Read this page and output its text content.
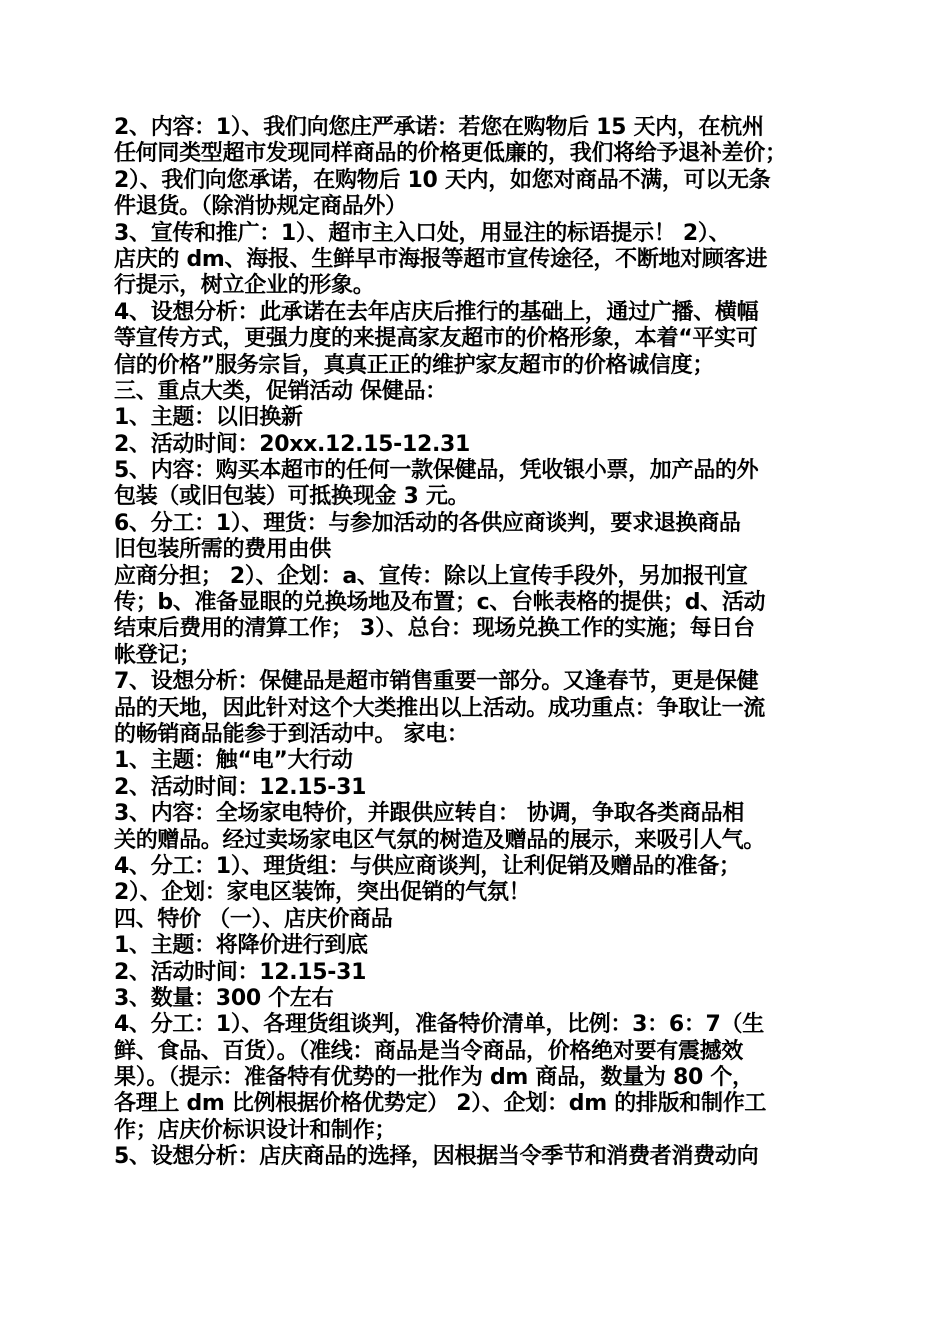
2、内容：1）、我们向您庄严承诺：若您在购物后 15 天内，在杭州
任何同类型超市发现同样商品的价格更低廉的，我们将给予退补差价；
2）、我们向您承诺，在购物后 10 天内，如您对商品不满，可以无条
件退货。（除消协规定商品外）
3、宣传和推广：1）、超市主入口处，用显注的标语提示！ 2）、
店庆的 dm、海报、生鲜早市海报等超市宣传途径，不断地对顾客进
行提示，树立企业的形象。
4、设想分析：此承诺在去年店庆后推行的基础上，通过广播、横幅
等宣传方式，更强力度的来提高家友超市的价格形象，本着“平实可
信的价格”服务宗旨，真真正正的维护家友超市的价格诚信度；
三、重点大类，促销活动 保健品：
1、主题：以旧换新
2、活动时间：20xx.12.15-12.31
5、内容：购买本超市的任何一款保健品，凭收银小票，加产品的外
包装（或旧包装）可抵换现金 3 元。
6、分工：1）、理货：与参加活动的各供应商谈判，要求退换商品
旧包装所需的费用由供
应商分担； 2）、企划：a、宣传：除以上宣传手段外，另加报刊宣
传；b、准备显眼的兑换场地及布置；c、台帐表格的提供；d、活动
结束后费用的清算工作； 3）、总台：现场兑换工作的实施；每日台
帐登记；
7、设想分析：保健品是超市销售重要一部分。又逢春节，更是保健
品的天地，因此针对这个大类推出以上活动。成功重点：争取让一流
的畅销商品能参于到活动中。 家电：
1、主题：触“电”大行动
2、活动时间：12.15-31
3、内容：全场家电特价，并跟供应转自： 协调，争取各类商品相
关的赠品。经过卖场家电区气氛的树造及赠品的展示，来吸引人气。
4、分工：1）、理货组：与供应商谈判，让利促销及赠品的准备；
2）、企划：家电区装饰，突出促销的气氛！
四、特价 （一）、店庆价商品
1、主题：将降价进行到底
2、活动时间：12.15-31
3、数量：300 个左右
4、分工：1）、各理货组谈判，准备特价清单，比例：3：6：7（生
鲜、食品、百货）。（准线：商品是当令商品，价格绝对要有震撼效
果）。（提示：准备特有优势的一批作为 dm 商品，数量为 80 个，
各理上 dm 比例根据价格优势定） 2）、企划：dm 的排版和制作工
作；店庆价标识设计和制作；
5、设想分析：店庆商品的选择，因根据当令季节和消费者消费动向
